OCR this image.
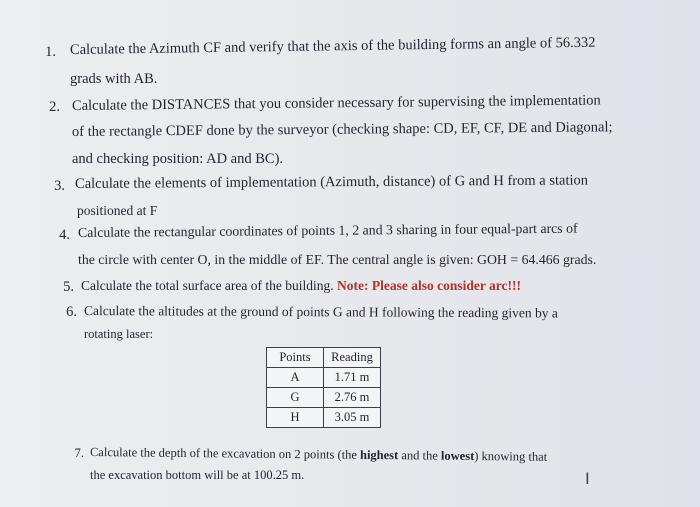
1. Calculate the Azimuth CF and verify that the axis of the building forms an angle of 56.332
grads with AB.
2. Calculate the DISTANCES that you consider necessary for supervising the implementation
of the rectangle CDEF done by the surveyor (checking shape: CD, EF, CF, DE and Diagonal;
and checking position: AD and BC).
3. Calculate the elements of implementation (Azimuth, distance) of G and H from a station
positioned at F
4. Calculate the rectangular coordinates of points 1, 2 and 3 sharing in four equal-part arcs of
the circle with center O, in the middle of EF. The central angle is given: GOH = 64.466 grads.
5. Calculate the total surface area of the building. Note: Please also consider arc!!!
6. Calculate the altitudes at the ground of points G and H following the reading given by a
rotating laser:
Points	Reading
A	1.71 m
G	2.76 m
H	3.05 m
7. Calculate the depth of the excavation on 2 points (the highest and the lowest) knowing that
the excavation bottom will be at 100.25 m.	I
